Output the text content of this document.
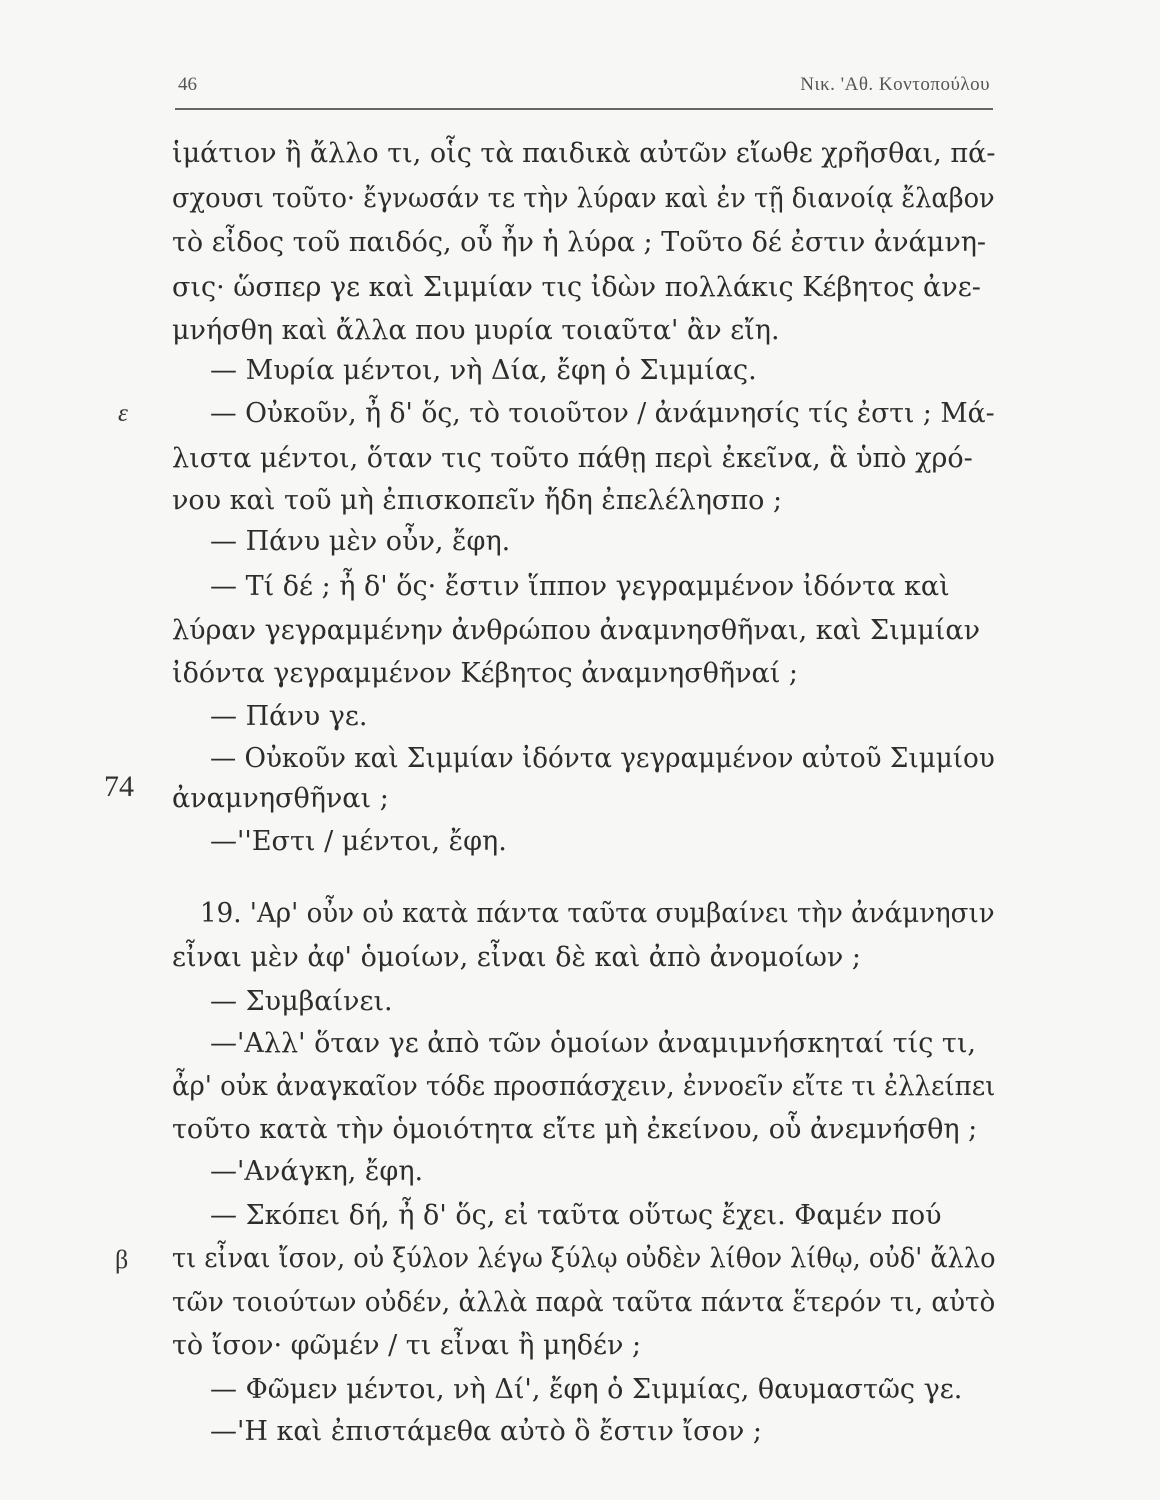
46	Νικ. 'Αθ. Κοντοπούλου
ε
74
β
ἱμάτιον ἢ ἄλλο τι, οἷς τὰ παιδικὰ αὐτῶν εἴωθε χρῆσθαι, πά-
σχουσι τοῦτο· ἔγνωσάν τε τὴν λύραν καὶ ἐν τῇ διανοίᾳ ἔλαβον
τὸ εἶδος τοῦ παιδός, οὗ ἦν ἡ λύρα ; Τοῦτο δέ ἐστιν ἀνάμνη-
σις· ὥσπερ γε καὶ Σιμμίαν τις ἰδὼν πολλάκις Κέβητος ἀνε-
μνήσθη καὶ ἄλλα που μυρία τοιαῦτα' ἂν εἴη.
— Μυρία μέντοι, νὴ Δία, ἔφη ὁ Σιμμίας.
— Οὐκοῦν, ἦ δ' ὅς, τὸ τοιοῦτον / ἀνάμνησίς τίς ἐστι ; Μά-
λιστα μέντοι, ὅταν τις τοῦτο πάθῃ περὶ ἐκεῖνα, ἃ ὑπὸ χρό-
νου καὶ τοῦ μὴ ἐπισκοπεῖν ἤδη ἐπελέλησπο ;
— Πάνυ μὲν οὖν, ἔφη.
— Τί δέ ; ἦ δ' ὅς· ἔστιν ἵππον γεγραμμένον ἰδόντα καὶ
λύραν γεγραμμένην ἀνθρώπου ἀναμνησθῆναι, καὶ Σιμμίαν
ἰδόντα γεγραμμένον Κέβητος ἀναμνησθῆναί ;
— Πάνυ γε.
— Οὐκοῦν καὶ Σιμμίαν ἰδόντα γεγραμμένον αὐτοῦ Σιμμίου
ἀναμνησθῆναι ;
—''Εστι / μέντοι, ἔφη.
19. 'Αρ' οὖν οὐ κατὰ πάντα ταῦτα συμβαίνει τὴν ἀνάμνησιν
εἶναι μὲν ἀφ' ὁμοίων, εἶναι δὲ καὶ ἀπὸ ἀνομοίων ;
— Συμβαίνει.
—'Αλλ' ὅταν γε ἀπὸ τῶν ὁμοίων ἀναμιμνήσκηταί τίς τι,
ἆρ' οὐκ ἀναγκαῖον τόδε προσπάσχειν, ἐννοεῖν εἴτε τι ἐλλείπει
τοῦτο κατὰ τὴν ὁμοιότητα εἴτε μὴ ἐκείνου, οὗ ἀνεμνήσθη ;
—'Ανάγκη, ἔφη.
— Σκόπει δή, ἦ δ' ὅς, εἰ ταῦτα οὕτως ἔχει. Φαμέν πού
τι εἶναι ἴσον, οὐ ξύλον λέγω ξύλῳ οὐδὲν λίθον λίθῳ, οὐδ' ἄλλο
τῶν τοιούτων οὐδέν, ἀλλὰ παρὰ ταῦτα πάντα ἕτερόν τι, αὐτὸ
τὸ ἴσον· φῶμέν / τι εἶναι ἢ μηδέν ;
— Φῶμεν μέντοι, νὴ Δί', ἔφη ὁ Σιμμίας, θαυμαστῶς γε.
—'Η καὶ ἐπιστάμεθα αὐτὸ ὃ ἔστιν ἴσον ;
